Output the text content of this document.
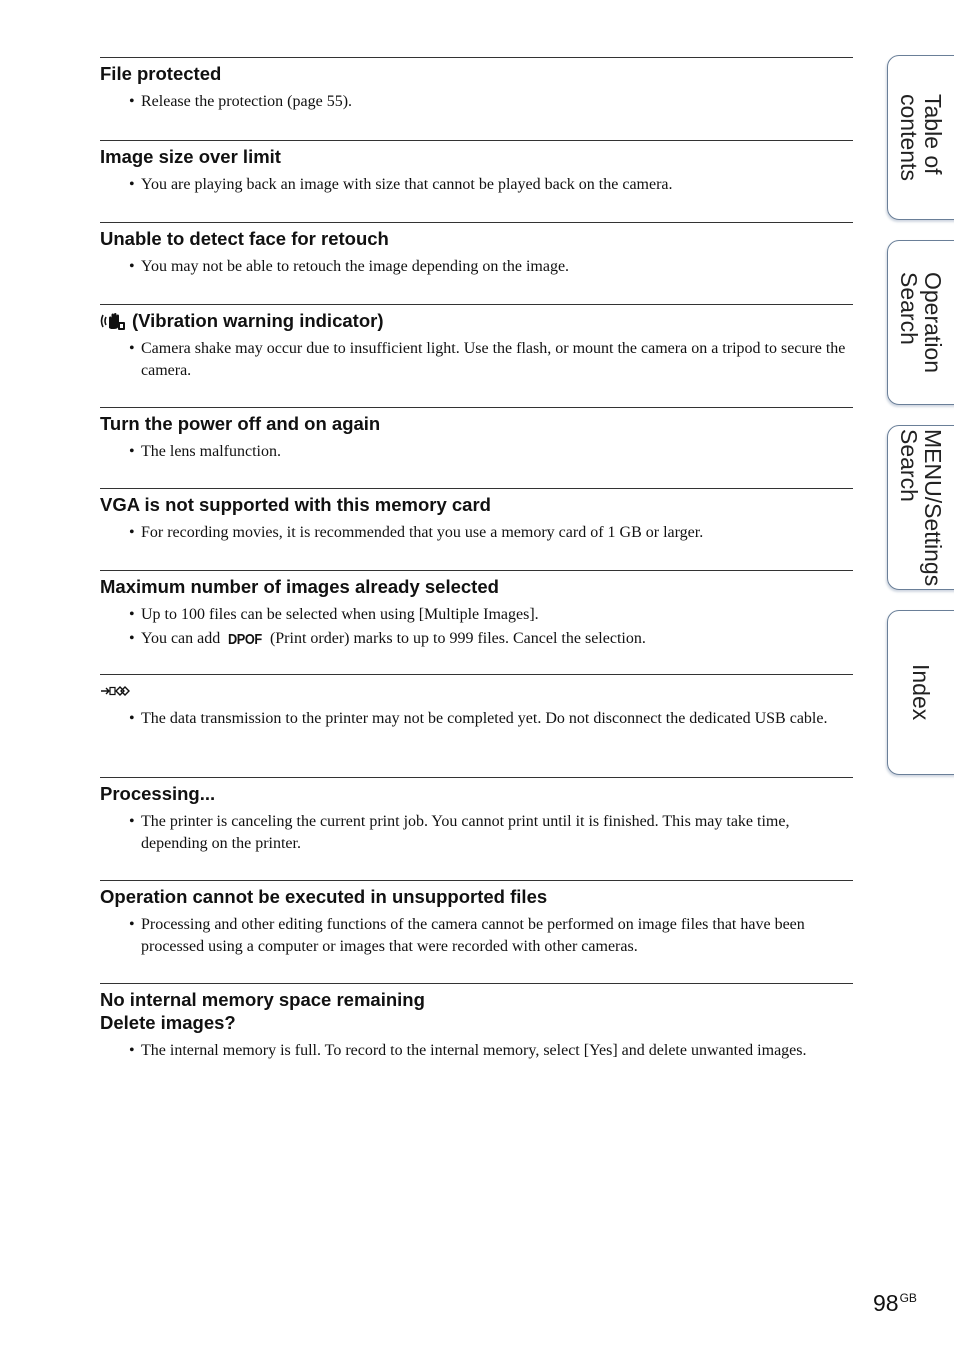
File protected
• Release the protection (page 55).
Image size over limit
• You are playing back an image with size that cannot be played back on the camera.
Unable to detect face for retouch
• You may not be able to retouch the image depending on the image.
(Vibration warning indicator)
• Camera shake may occur due to insufficient light. Use the flash, or mount the camera on a tripod to secure the camera.
Turn the power off and on again
• The lens malfunction.
VGA is not supported with this memory card
• For recording movies, it is recommended that you use a memory card of 1 GB or larger.
Maximum number of images already selected
• Up to 100 files can be selected when using [Multiple Images].
• You can add DPOF (Print order) marks to up to 999 files. Cancel the selection.
• The data transmission to the printer may not be completed yet. Do not disconnect the dedicated USB cable.
Processing...
• The printer is canceling the current print job. You cannot print until it is finished. This may take time, depending on the printer.
Operation cannot be executed in unsupported files
• Processing and other editing functions of the camera cannot be performed on image files that have been processed using a computer or images that were recorded with other cameras.
No internal memory space remaining
Delete images?
• The internal memory is full. To record to the internal memory, select [Yes] and delete unwanted images.
Table of
contents
Operation
Search
MENU/Settings
Search
Index
$98^{GB}$
